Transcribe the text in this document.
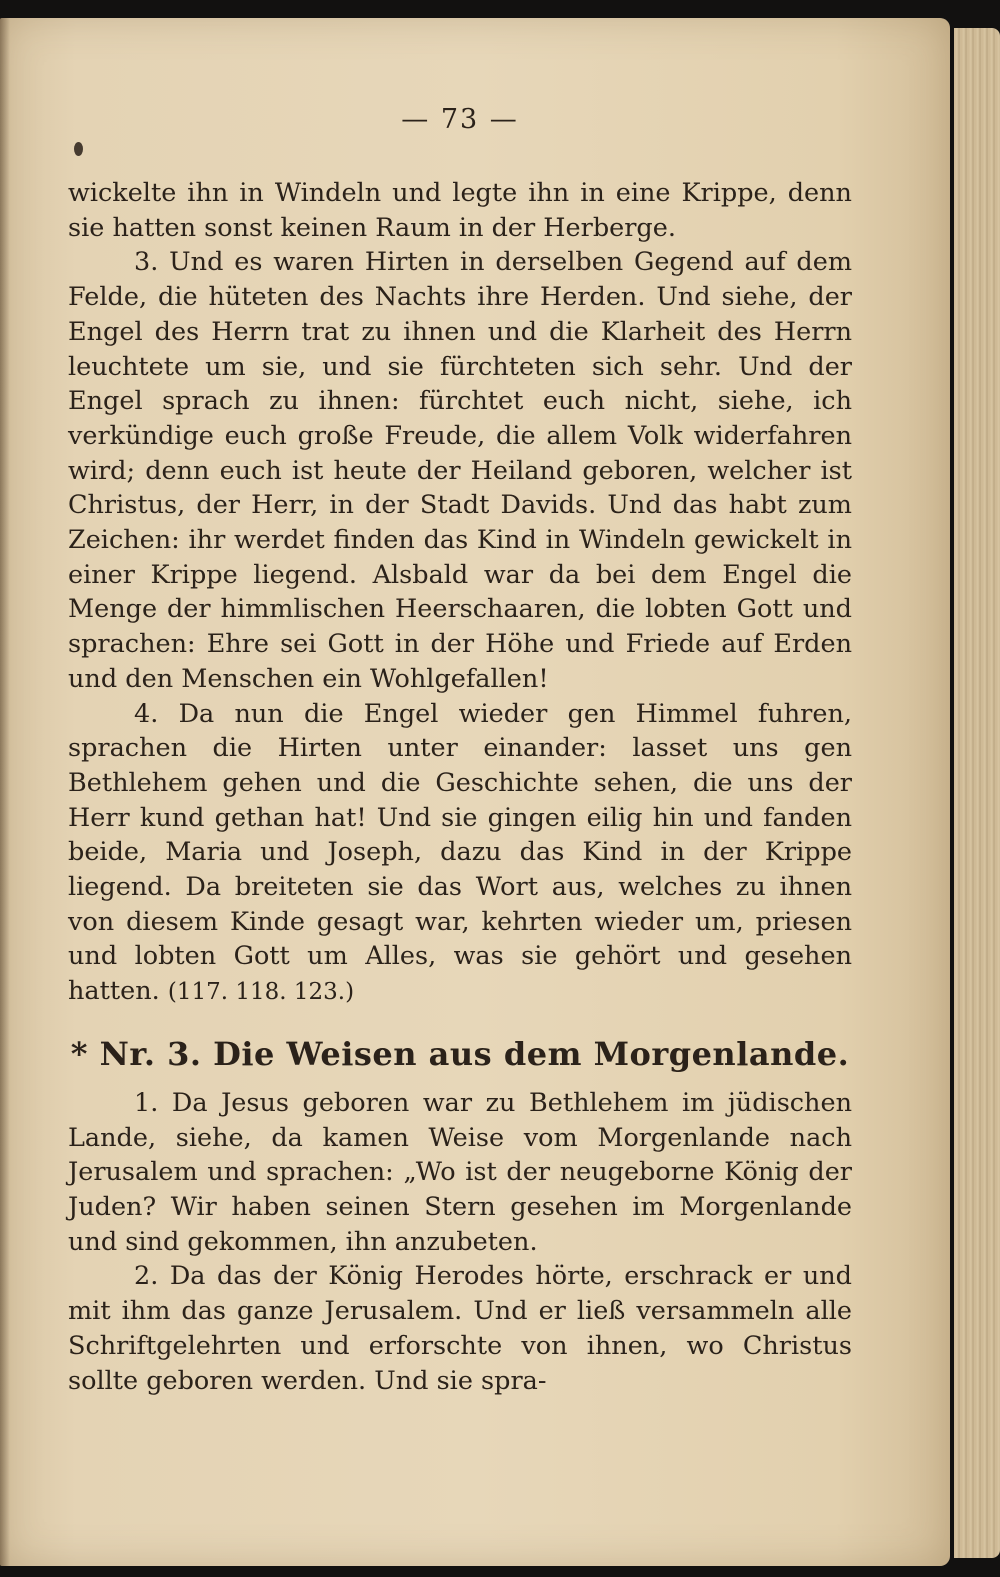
— 73 —

wickelte ihn in Windeln und legte ihn in eine Krippe, denn sie hatten sonst keinen Raum in der Herberge.

3. Und es waren Hirten in derselben Gegend auf dem Felde, die hüteten des Nachts ihre Herden. Und siehe, der Engel des Herrn trat zu ihnen und die Klarheit des Herrn leuchtete um sie, und sie fürchteten sich sehr. Und der Engel sprach zu ihnen: fürchtet euch nicht, siehe, ich verkündige euch große Freude, die allem Volk widerfahren wird; denn euch ist heute der Heiland geboren, welcher ist Christus, der Herr, in der Stadt Davids. Und das habt zum Zeichen: ihr werdet finden das Kind in Windeln gewickelt in einer Krippe liegend. Alsbald war da bei dem Engel die Menge der himmlischen Heerschaaren, die lobten Gott und sprachen: Ehre sei Gott in der Höhe und Friede auf Erden und den Menschen ein Wohlgefallen!

4. Da nun die Engel wieder gen Himmel fuhren, sprachen die Hirten unter einander: lasset uns gen Bethlehem gehen und die Geschichte sehen, die uns der Herr kund gethan hat! Und sie gingen eilig hin und fanden beide, Maria und Joseph, dazu das Kind in der Krippe liegend. Da breiteten sie das Wort aus, welches zu ihnen von diesem Kinde gesagt war, kehrten wieder um, priesen und lobten Gott um Alles, was sie gehört und gesehen hatten. (117. 118. 123.)

* Nr. 3. Die Weisen aus dem Morgenlande.

1. Da Jesus geboren war zu Bethlehem im jüdischen Lande, siehe, da kamen Weise vom Morgenlande nach Jerusalem und sprachen: „Wo ist der neugeborne König der Juden? Wir haben seinen Stern gesehen im Morgenlande und sind gekommen, ihn anzubeten.

2. Da das der König Herodes hörte, erschrack er und mit ihm das ganze Jerusalem. Und er ließ versammeln alle Schriftgelehrten und erforschte von ihnen, wo Christus sollte geboren werden. Und sie spra-
